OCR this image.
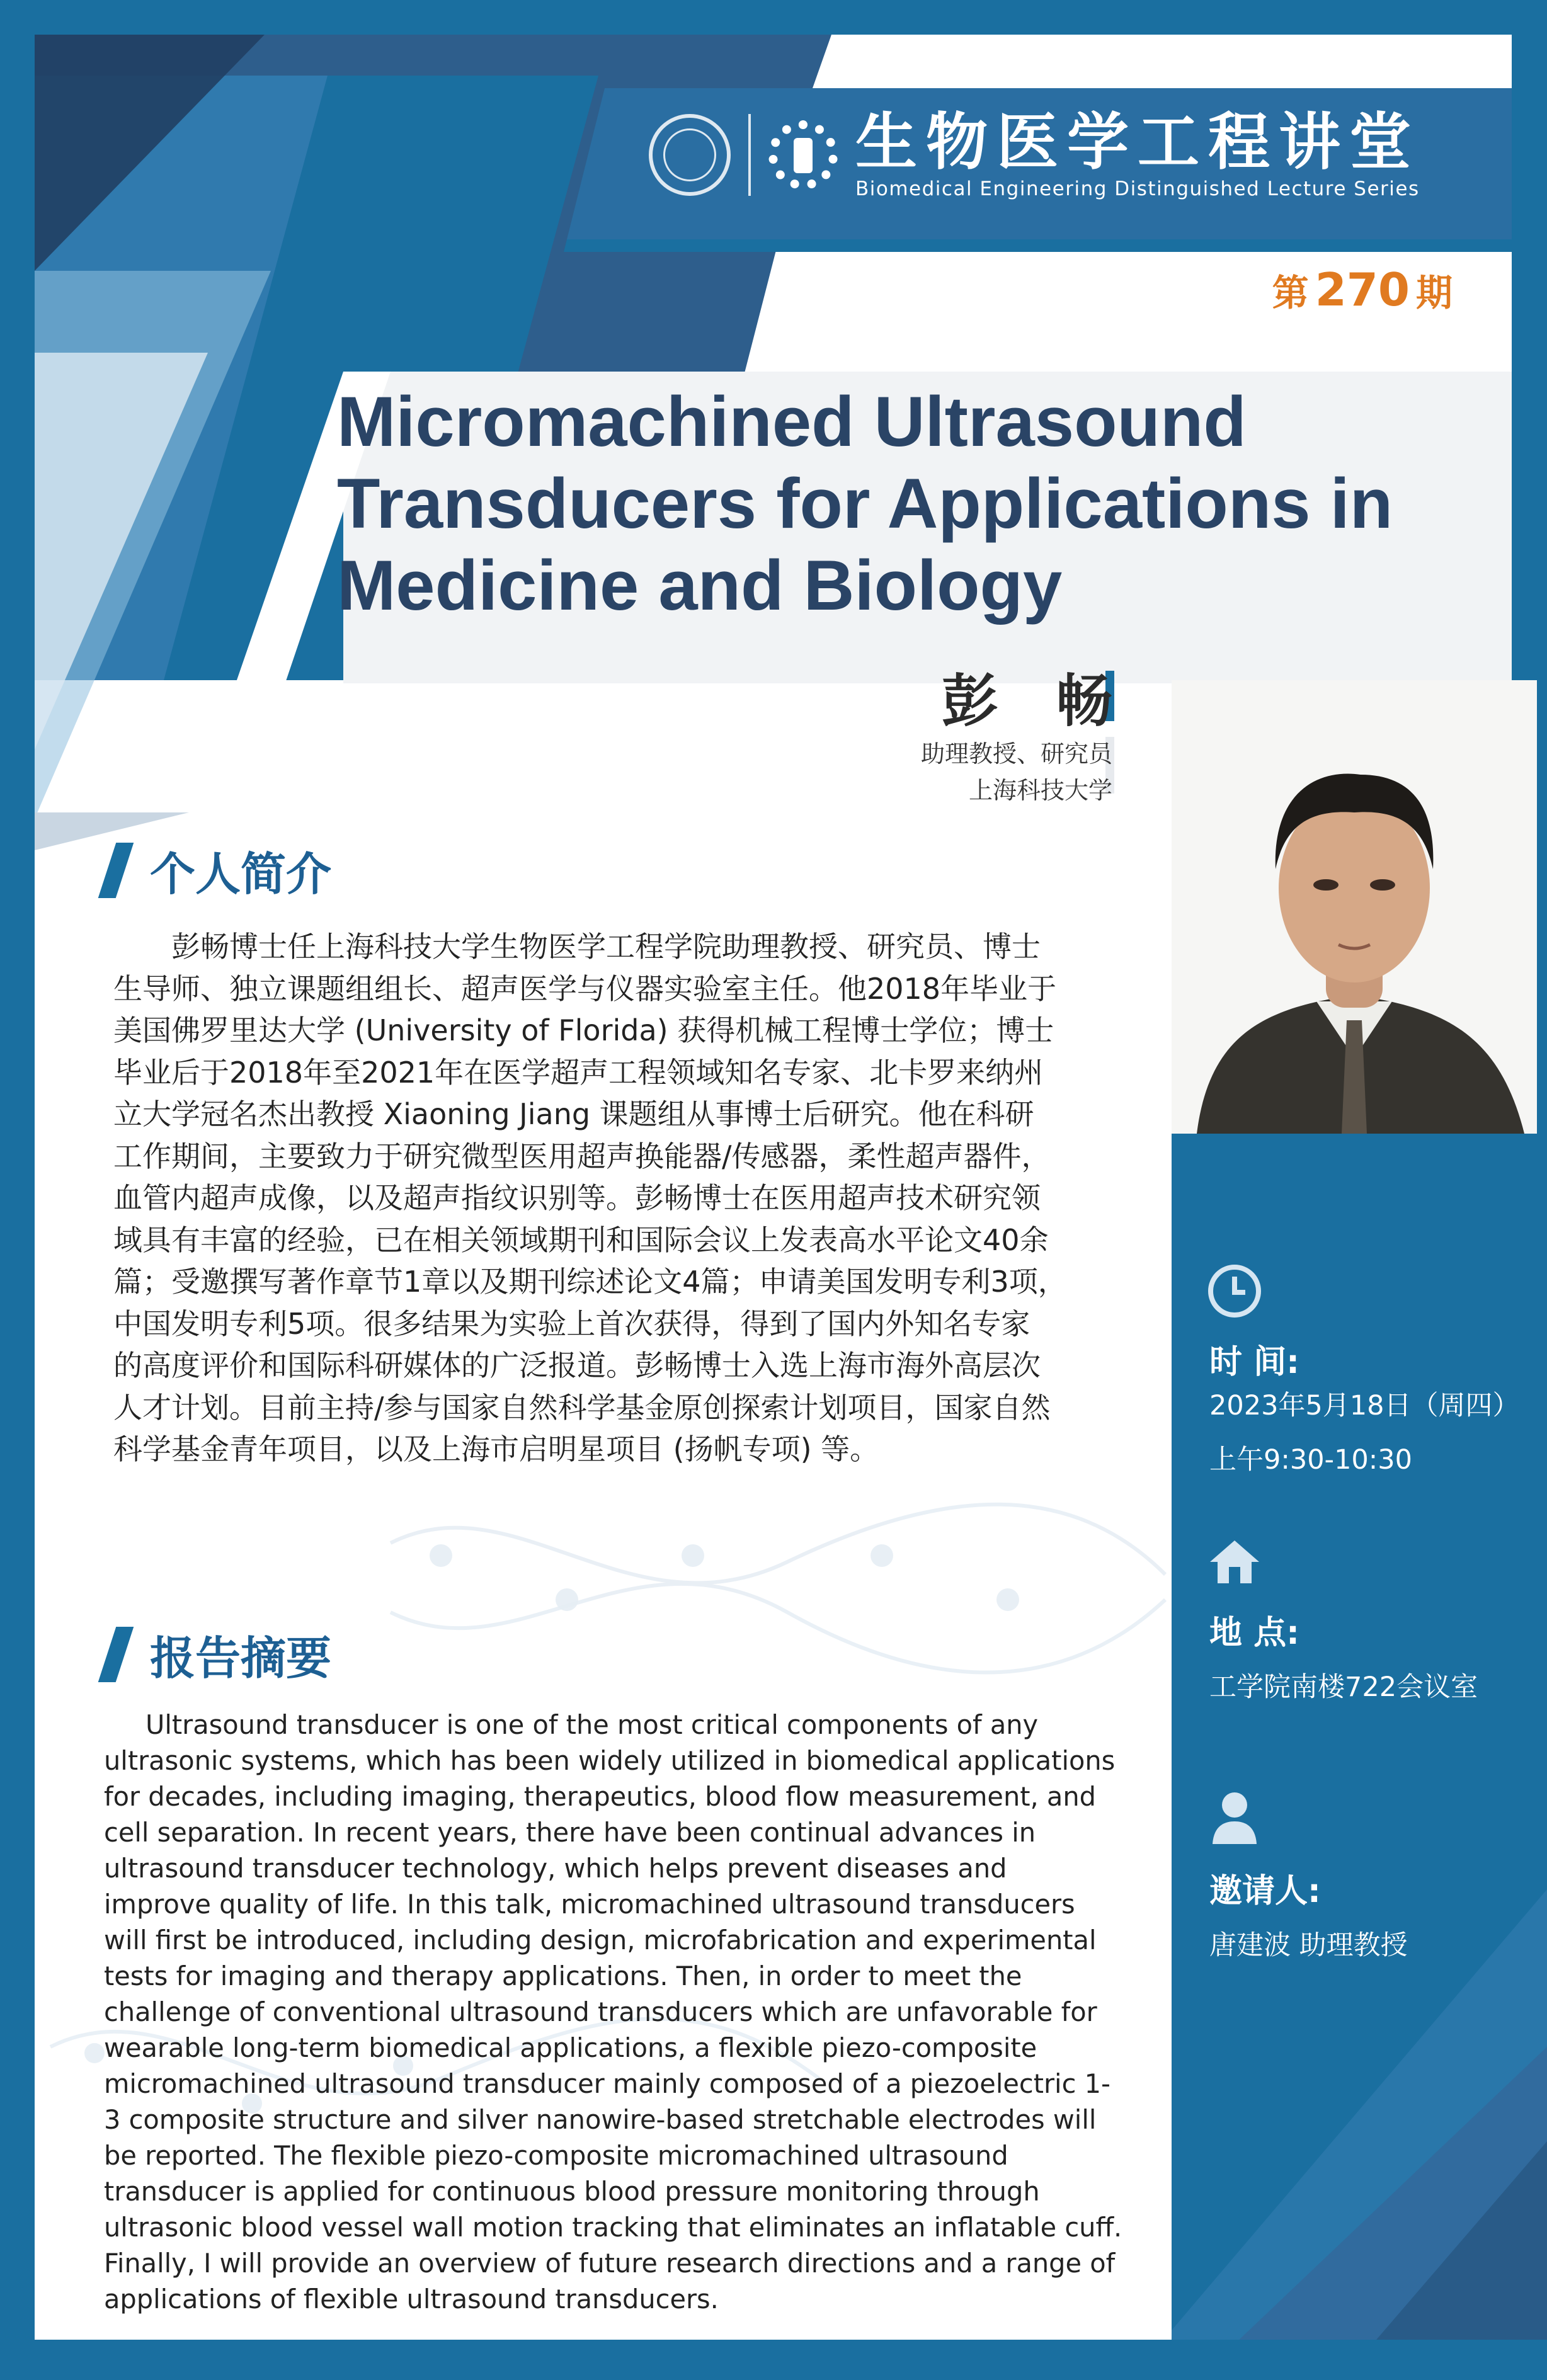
生物医学工程讲堂
Biomedical Engineering Distinguished Lecture Series
第 270 期
Micromachined Ultrasound
Transducers for Applications in
Medicine and Biology
彭 畅
助理教授、研究员
上海科技大学
个人简介
　　彭畅博士任上海科技大学生物医学工程学院助理教授、研究员、博士
生导师、独立课题组组长、超声医学与仪器实验室主任。他2018年毕业于
美国佛罗里达大学 (University of Florida) 获得机械工程博士学位；博士
毕业后于2018年至2021年在医学超声工程领域知名专家、北卡罗来纳州
立大学冠名杰出教授 Xiaoning Jiang 课题组从事博士后研究。他在科研
工作期间，主要致力于研究微型医用超声换能器/传感器，柔性超声器件，
血管内超声成像，以及超声指纹识别等。彭畅博士在医用超声技术研究领
域具有丰富的经验，已在相关领域期刊和国际会议上发表高水平论文40余
篇；受邀撰写著作章节1章以及期刊综述论文4篇；申请美国发明专利3项，
中国发明专利5项。很多结果为实验上首次获得，得到了国内外知名专家
的高度评价和国际科研媒体的广泛报道。彭畅博士入选上海市海外高层次
人才计划。目前主持/参与国家自然科学基金原创探索计划项目，国家自然
科学基金青年项目，以及上海市启明星项目 (扬帆专项) 等。
报告摘要
Ultrasound transducer is one of the most critical components of any
ultrasonic systems, which has been widely utilized in biomedical applications
for decades, including imaging, therapeutics, blood flow measurement, and
cell separation. In recent years, there have been continual advances in
ultrasound transducer technology, which helps prevent diseases and
improve quality of life. In this talk, micromachined ultrasound transducers
will first be introduced, including design, microfabrication and experimental
tests for imaging and therapy applications. Then, in order to meet the
challenge of conventional ultrasound transducers which are unfavorable for
wearable long-term biomedical applications, a flexible piezo-composite
micromachined ultrasound transducer mainly composed of a piezoelectric 1-
3 composite structure and silver nanowire-based stretchable electrodes will
be reported. The flexible piezo-composite micromachined ultrasound
transducer is applied for continuous blood pressure monitoring through
ultrasonic blood vessel wall motion tracking that eliminates an inflatable cuff.
Finally, I will provide an overview of future research directions and a range of
applications of flexible ultrasound transducers.
时 间:
2023年5月18日（周四）
上午9:30-10:30
地 点:
工学院南楼722会议室
邀请人:
唐建波 助理教授
